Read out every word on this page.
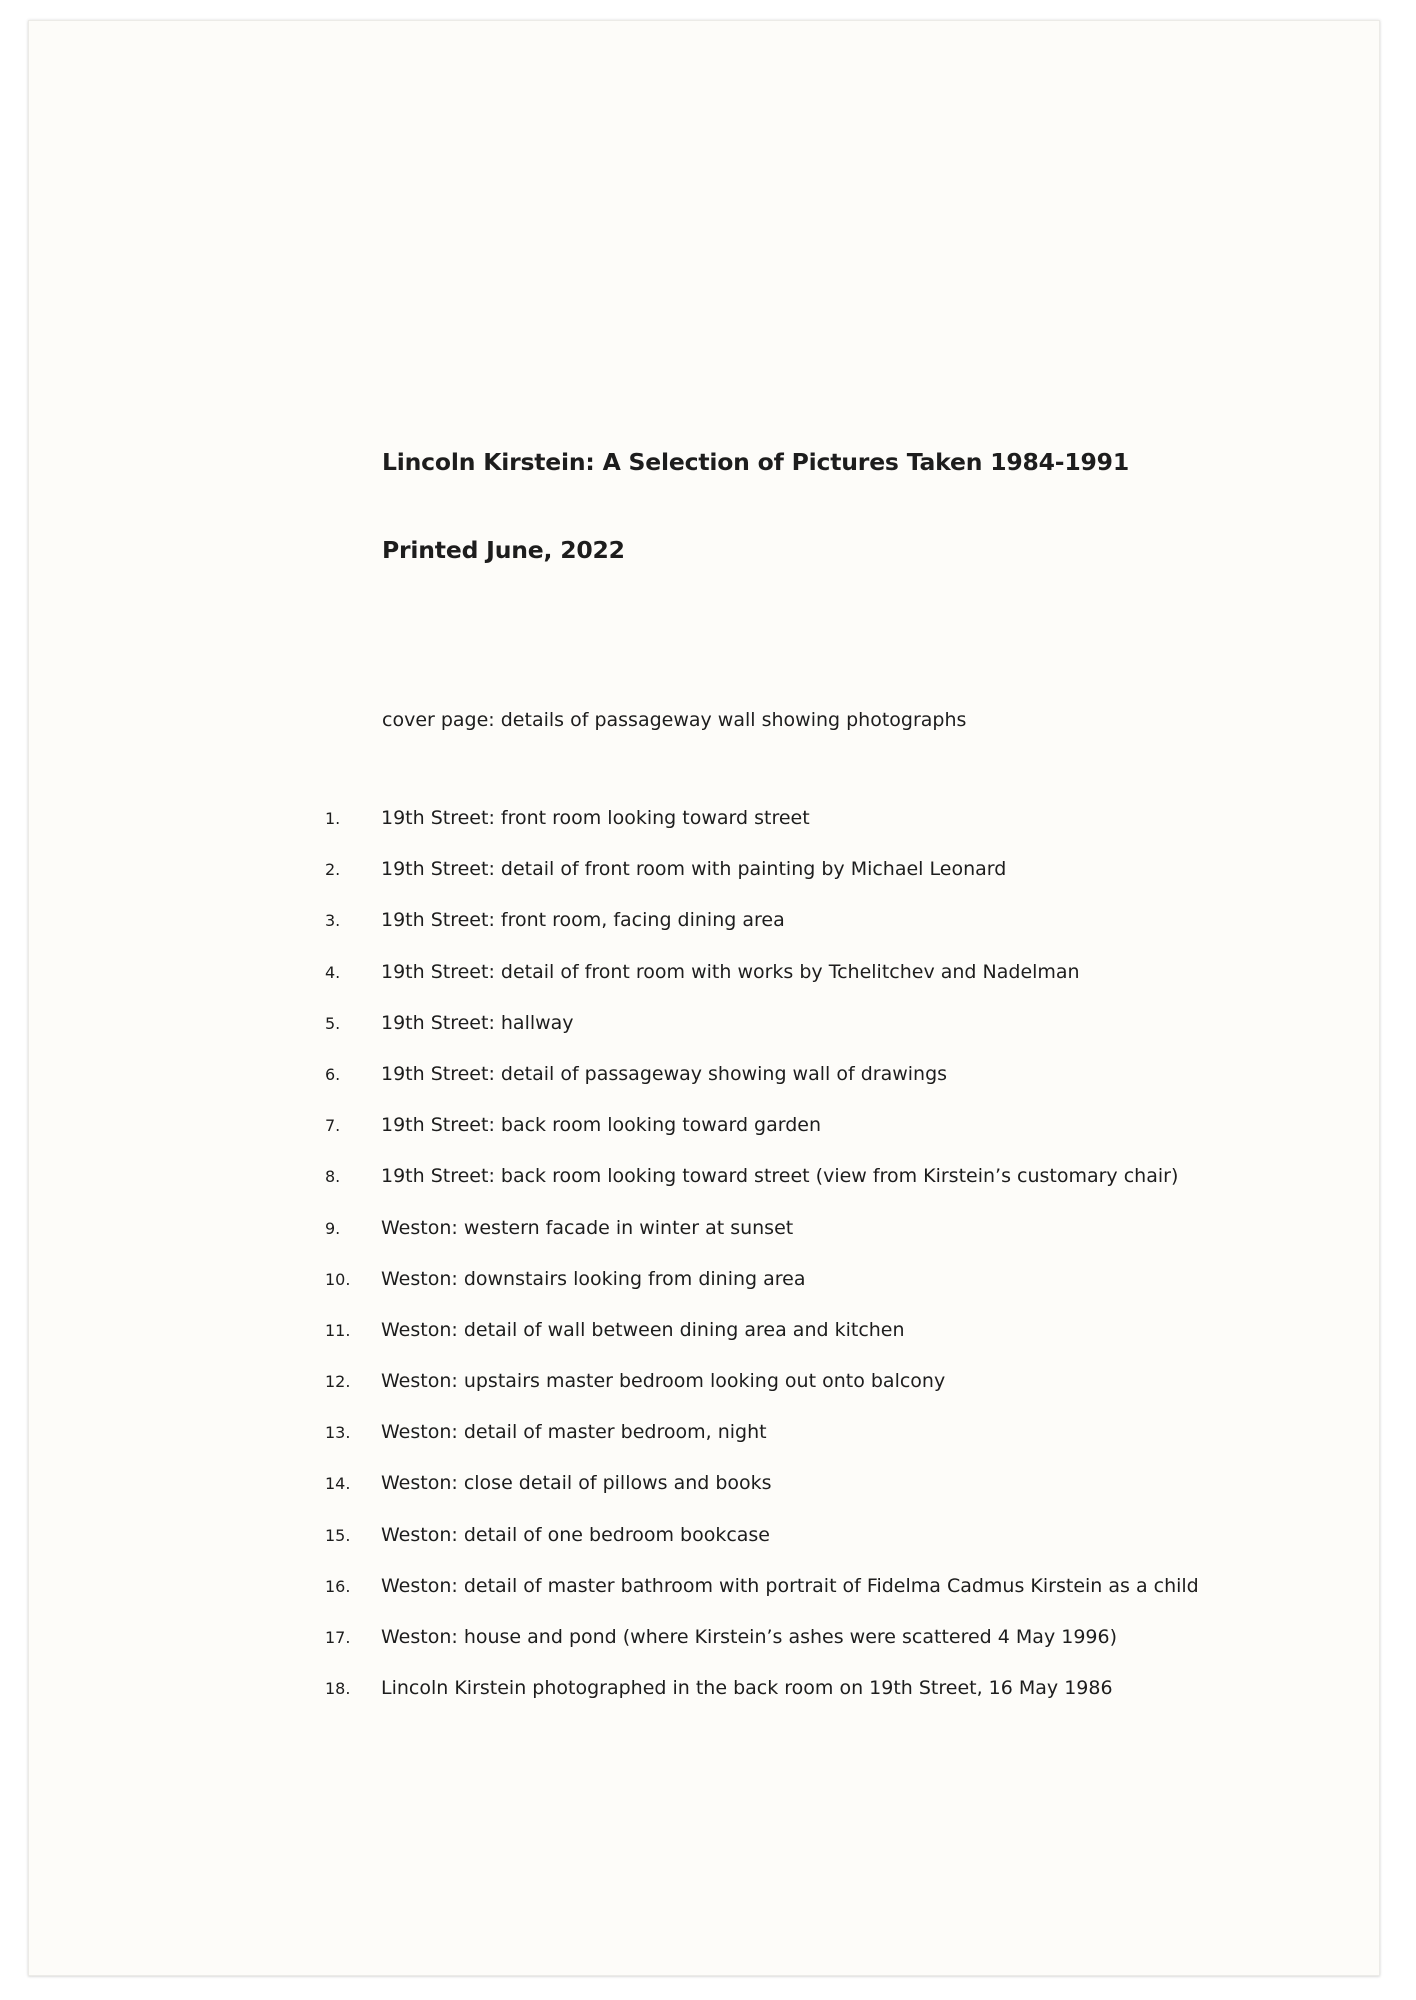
Lincoln Kirstein: A Selection of Pictures Taken 1984-1991
Printed June, 2022
cover page: details of passageway wall showing photographs
1.	19th Street: front room looking toward street
2.	19th Street: detail of front room with painting by Michael Leonard
3.	19th Street: front room, facing dining area
4.	19th Street: detail of front room with works by Tchelitchev and Nadelman
5.	19th Street: hallway
6.	19th Street: detail of passageway showing wall of drawings
7.	19th Street: back room looking toward garden
8.	19th Street: back room looking toward street (view from Kirstein’s customary chair)
9.	Weston: western facade in winter at sunset
10.	Weston: downstairs looking from dining area
11.	Weston: detail of wall between dining area and kitchen
12.	Weston: upstairs master bedroom looking out onto balcony
13.	Weston: detail of master bedroom, night
14.	Weston: close detail of pillows and books
15.	Weston: detail of one bedroom bookcase
16.	Weston: detail of master bathroom with portrait of Fidelma Cadmus Kirstein as a child
17.	Weston: house and pond (where Kirstein’s ashes were scattered 4 May 1996)
18.	Lincoln Kirstein photographed in the back room on 19th Street, 16 May 1986
